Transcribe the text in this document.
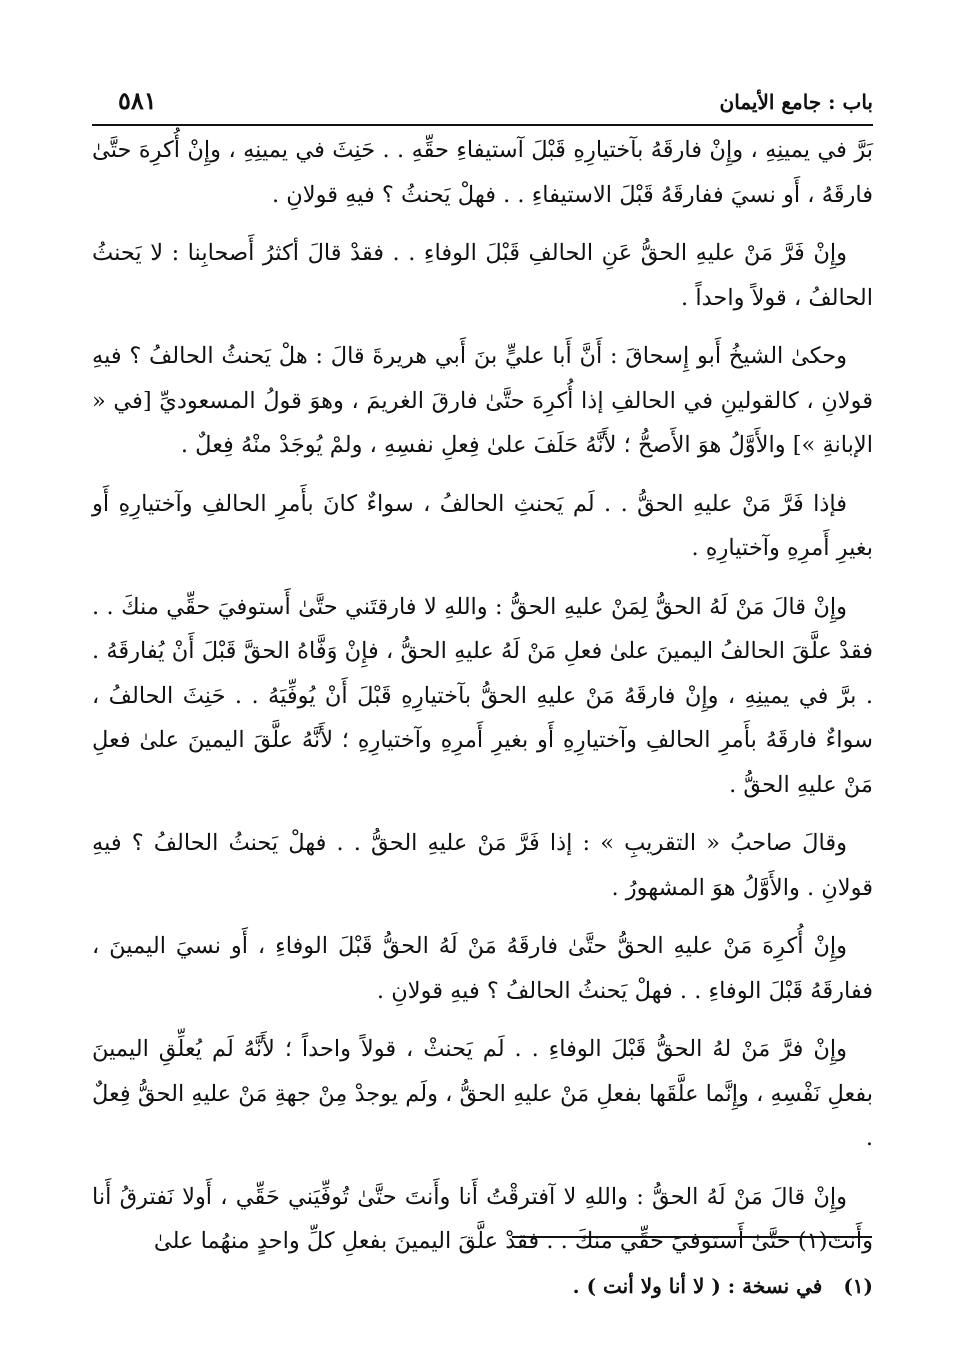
باب : جامع الأيمان
٥٨١

بَرَّ في يمينِهِ ، وإِنْ فارقَهُ بآختيارِهِ قَبْلَ آستيفاءِ حقِّهِ . . حَنِثَ في يمينِهِ ، وإِنْ أُكرِهَ حتَّىٰ فارقَهُ ، أَو نسيَ ففارقَهُ قَبْلَ الاستيفاءِ . . فهلْ يَحنثُ ؟ فيهِ قولانِ .

وإِنْ فَرَّ مَنْ عليهِ الحقُّ عَنِ الحالفِ قَبْلَ الوفاءِ . . فقدْ قالَ أكثرُ أَصحابِنا : لا يَحنثُ الحالفُ ، قولاً واحداً .

وحكىٰ الشيخُ أَبو إِسحاقَ : أَنَّ أَبا عليٍّ بنَ أَبي هريرةَ قالَ : هلْ يَحنثُ الحالفُ ؟ فيهِ قولانِ ، كالقولينِ في الحالفِ إذا أُكرِهَ حتَّىٰ فارقَ الغريمَ ، وهوَ قولُ المسعوديِّ [في « الإبانةِ »] والأَوَّلُ هوَ الأَصحُّ ؛ لأَنَّهُ حَلَفَ علىٰ فِعلِ نفسِهِ ، ولمْ يُوجَدْ منْهُ فِعلٌ .

فإذا فَرَّ مَنْ عليهِ الحقُّ . . لَم يَحنثِ الحالفُ ، سواءٌ كانَ بأَمرِ الحالفِ وآختيارِهِ أَو بغيرِ أَمرِهِ وآختيارِهِ .

وإِنْ قالَ مَنْ لَهُ الحقُّ لِمَنْ عليهِ الحقُّ : واللهِ لا فارقتَني حتَّىٰ أَستوفيَ حقِّي منكَ . . فقدْ علَّقَ الحالفُ اليمينَ علىٰ فعلِ مَنْ لَهُ عليهِ الحقُّ ، فإِنْ وَفَّاهُ الحقَّ قَبْلَ أَنْ يُفارقَهُ . . برَّ في يمينِهِ ، وإِنْ فارقَهُ مَنْ عليهِ الحقُّ بآختيارِهِ قَبْلَ أَنْ يُوفِّيَهُ . . حَنِثَ الحالفُ ، سواءٌ فارقَهُ بأَمرِ الحالفِ وآختيارِهِ أَو بغيرِ أَمرِهِ وآختيارِهِ ؛ لأَنَّهُ علَّقَ اليمينَ علىٰ فعلِ مَنْ عليهِ الحقُّ .

وقالَ صاحبُ « التقريبِ » : إذا فَرَّ مَنْ عليهِ الحقُّ . . فهلْ يَحنثُ الحالفُ ؟ فيهِ قولانِ . والأَوَّلُ هوَ المشهورُ .

وإِنْ أُكرِهَ مَنْ عليهِ الحقُّ حتَّىٰ فارقَهُ مَنْ لَهُ الحقُّ قَبْلَ الوفاءِ ، أَو نسيَ اليمينَ ، ففارقَهُ قَبْلَ الوفاءِ . . فهلْ يَحنثُ الحالفُ ؟ فيهِ قولانِ .

وإِنْ فرَّ مَنْ لهُ الحقُّ قَبْلَ الوفاءِ . . لَم يَحنثْ ، قولاً واحداً ؛ لأَنَّهُ لَم يُعلِّقِ اليمينَ بفعلِ نَفْسِهِ ، وإِنَّما علَّقَها بفعلِ مَنْ عليهِ الحقُّ ، ولَم يوجدْ مِنْ جهةِ مَنْ عليهِ الحقُّ فِعلٌ .

وإِنْ قالَ مَنْ لَهُ الحقُّ : واللهِ لا آفترقْتُ أَنا وأَنتَ حتَّىٰ تُوفِّيَني حَقِّي ، أَولا نَفترقُ أَنا وأَنتَ(١) حتَّىٰ أَستوفيَ حقِّي منكَ . . فقدْ علَّقَ اليمينَ بفعلِ كلِّ واحدٍ منهُما علىٰ

(١) في نسخة : ( لا أنا ولا أنت ) .
